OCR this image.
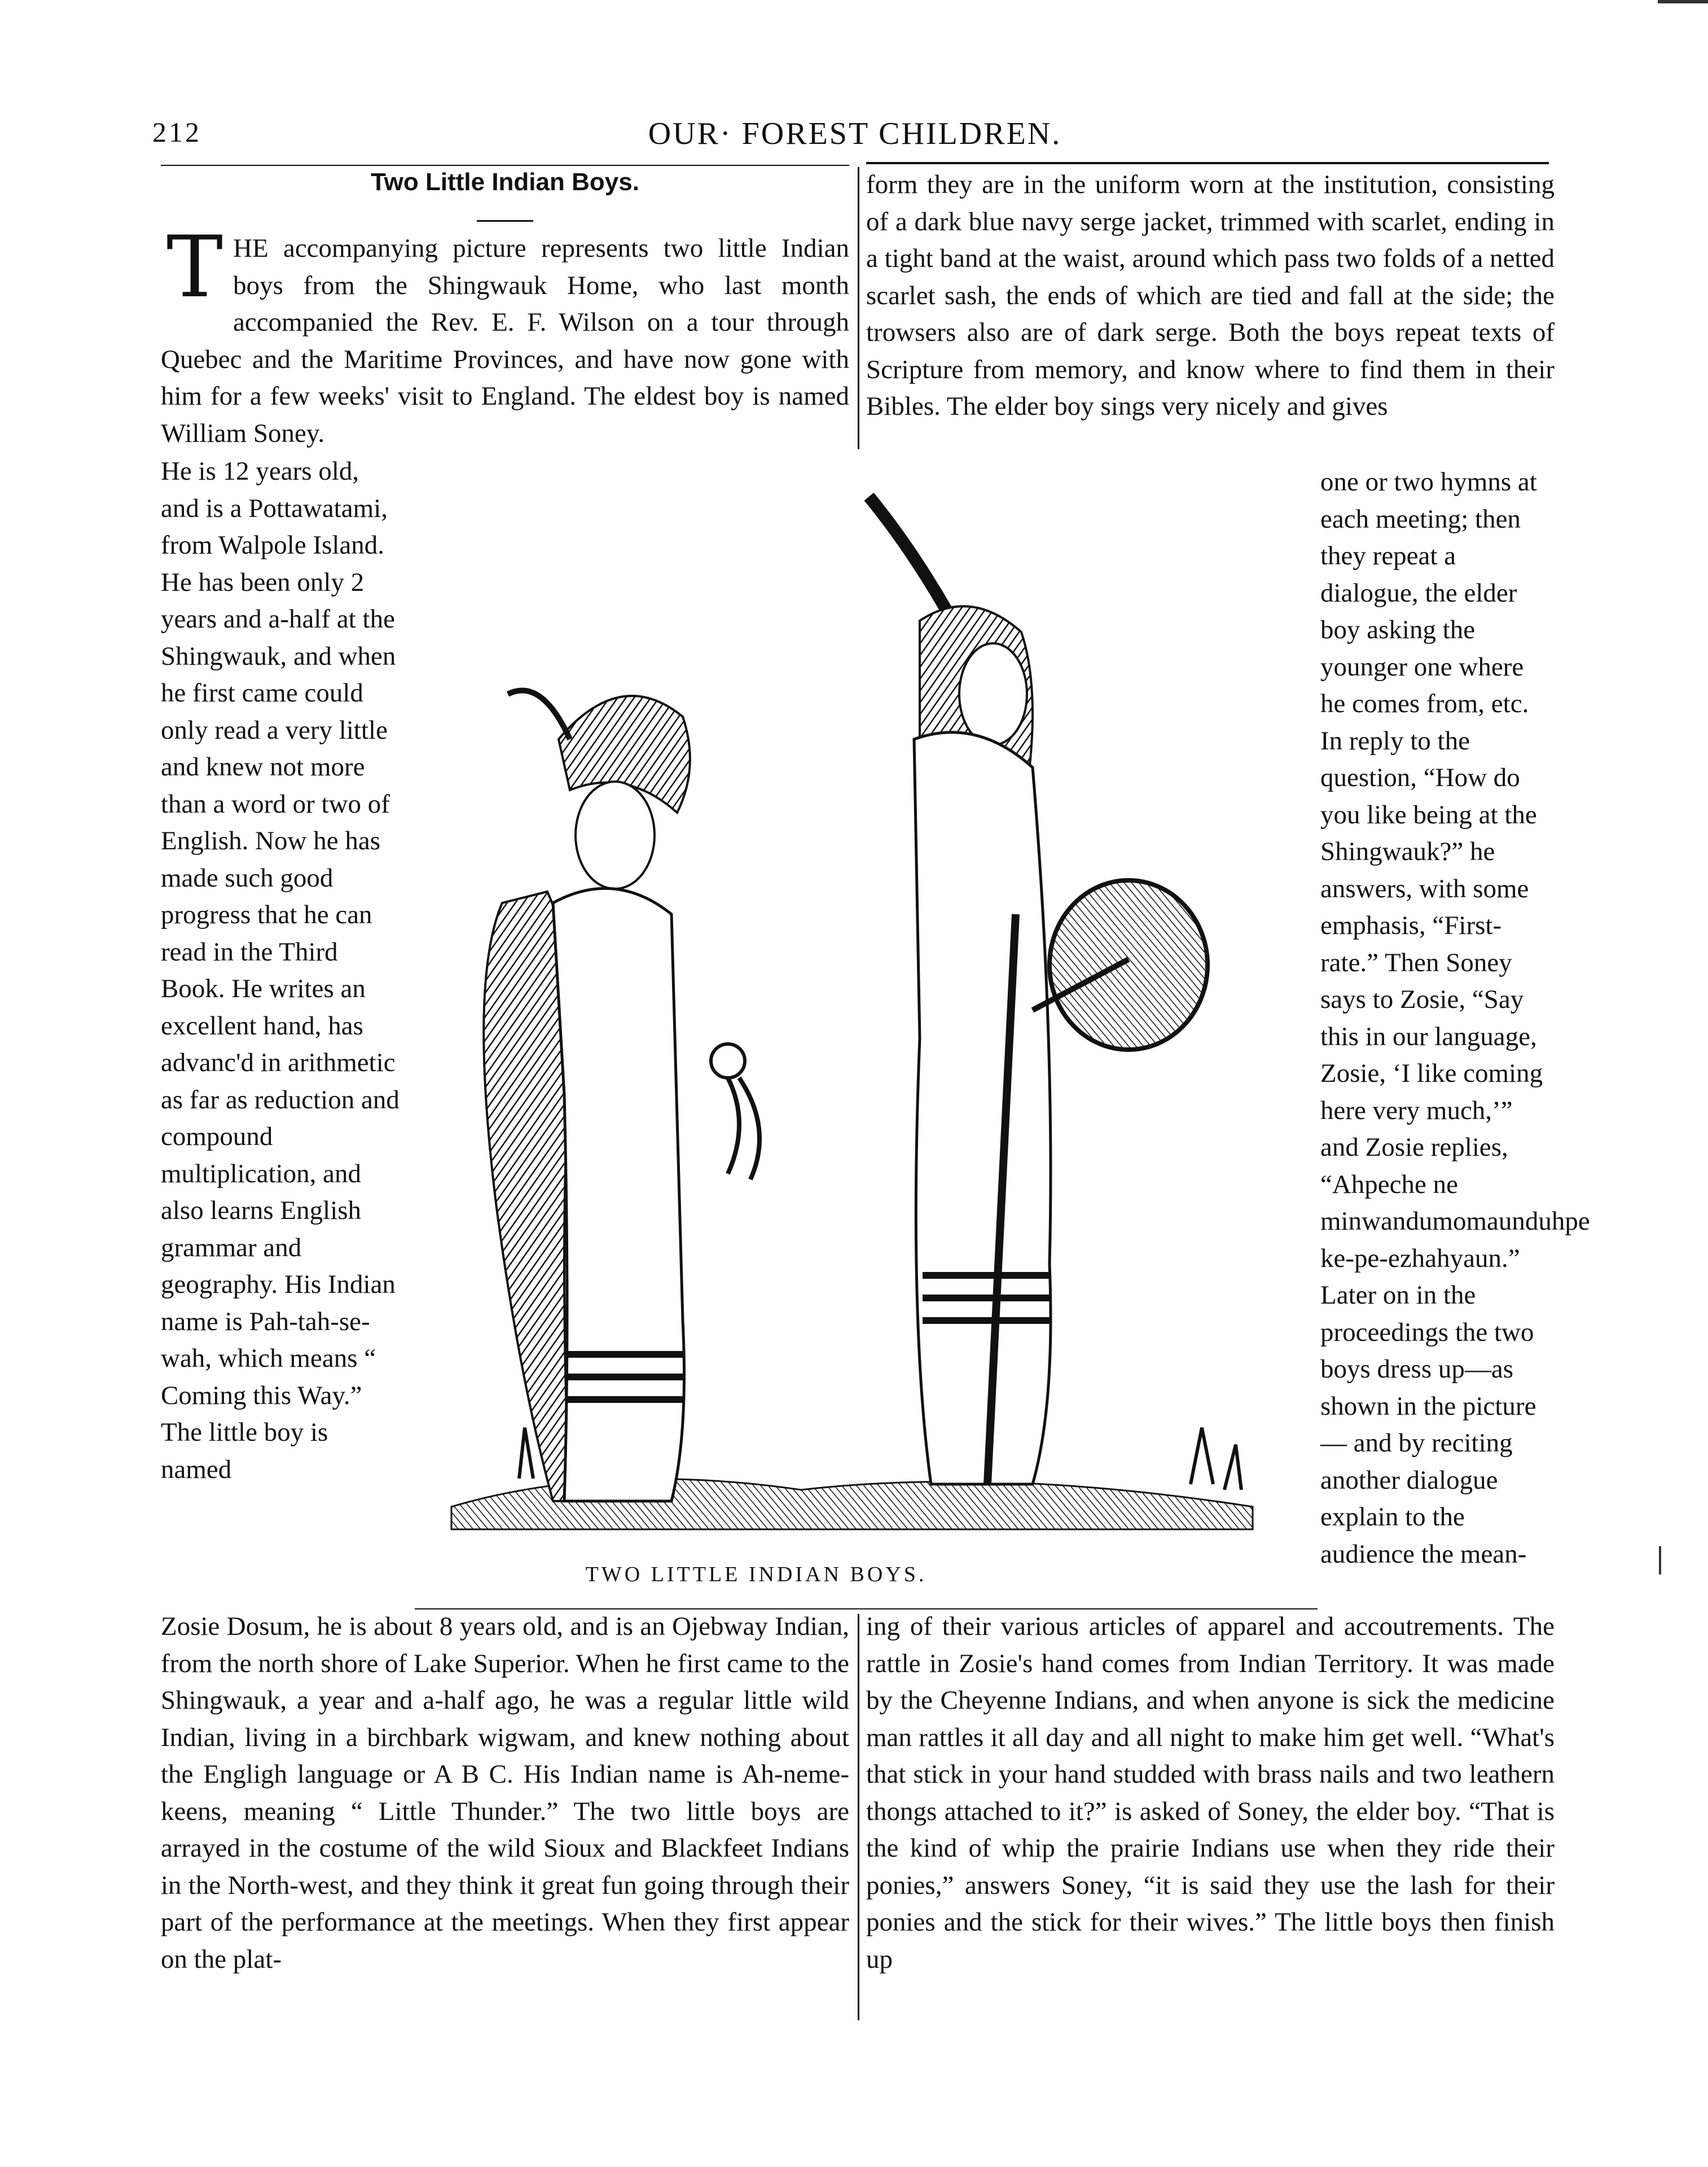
212	OUR· FOREST CHILDREN.
Two Little Indian Boys.
T HE accompanying picture represents two little Indian boys from the Shingwauk Home, who last month accompanied the Rev. E. F. Wilson on a tour through Quebec and the Maritime Provinces, and have now gone with him for a few weeks' visit to England. The eldest boy is named William Soney.

He is 12 years old, and is a Pottawatami, from Walpole Island. He has been only 2 years and a-half at the Shingwauk, and when he first came could only read a very little and knew not more than a word or two of English. Now he has made such good progress that he can read in the Third Book. He writes an excellent hand, has advanc'd in arithmetic as far as reduction and compound multiplication, and also learns English grammar and geography. His Indian name is Pah-tah-se-wah, which means “ Coming this Way.” The little boy is named

TWO LITTLE INDIAN BOYS.

Zosie Dosum, he is about 8 years old, and is an Ojebway Indian, from the north shore of Lake Superior. When he first came to the Shingwauk, a year and a-half ago, he was a regular little wild Indian, living in a birchbark wigwam, and knew nothing about the Engligh language or A B C. His Indian name is Ah-neme-keens, meaning “ Little Thunder.” The two little boys are arrayed in the costume of the wild Sioux and Blackfeet Indians in the North-west, and they think it great fun going through their part of the performance at the meetings. When they first appear on the plat-

form they are in the uniform worn at the institution, consisting of a dark blue navy serge jacket, trimmed with scarlet, ending in a tight band at the waist, around which pass two folds of a netted scarlet sash, the ends of which are tied and fall at the side; the trowsers also are of dark serge. Both the boys repeat texts of Scripture from memory, and know where to find them in their Bibles. The elder boy sings very nicely and gives

one or two hymns at each meeting; then they repeat a dialogue, the elder boy asking the younger one where he comes from, etc. In reply to the question, “How do you like being at the Shingwauk?” he answers, with some emphasis, “First-rate.” Then Soney says to Zosie, “Say this in our language, Zosie, ‘I like coming here very much,’” and Zosie replies, “Ahpeche ne minwandumomaunduhpe ke-pe-ezhahyaun.” Later on in the proceedings the two boys dress up—as shown in the picture — and by reciting another dialogue explain to the audience the mean-

ing of their various articles of apparel and accoutrements. The rattle in Zosie's hand comes from Indian Territory. It was made by the Cheyenne Indians, and when anyone is sick the medicine man rattles it all day and all night to make him get well. “What's that stick in your hand studded with brass nails and two leathern thongs attached to it?” is asked of Soney, the elder boy. “That is the kind of whip the prairie Indians use when they ride their ponies,” answers Soney, “it is said they use the lash for their ponies and the stick for their wives.” The little boys then finish up
